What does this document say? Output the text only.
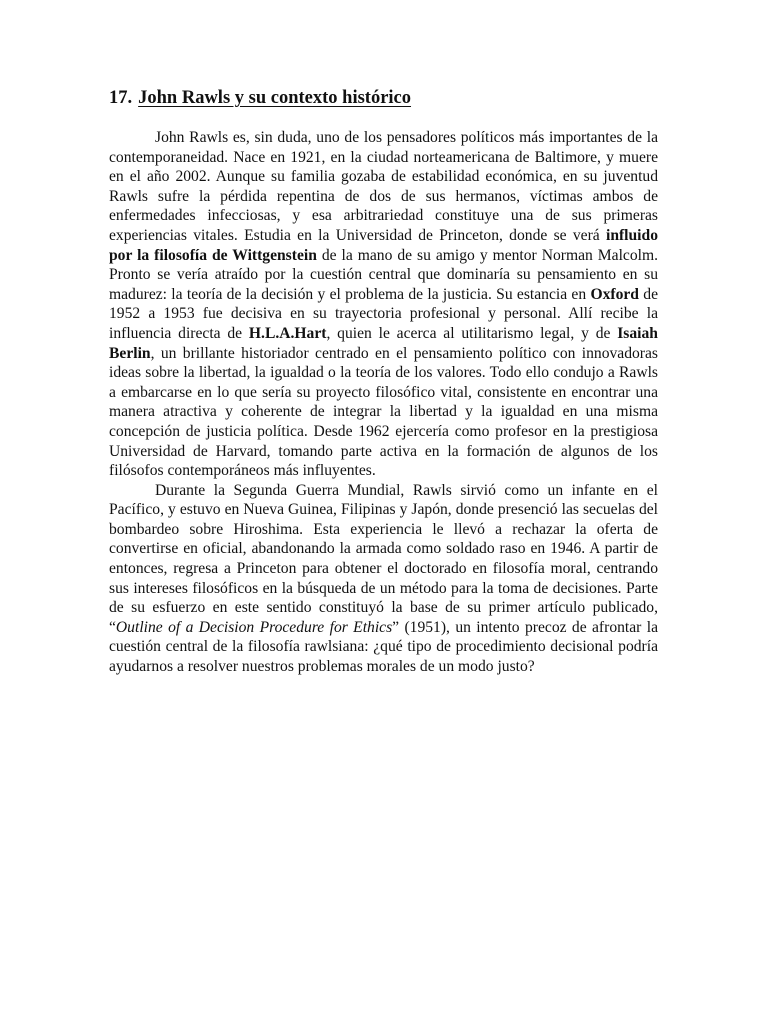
17. John Rawls y su contexto histórico

John Rawls es, sin duda, uno de los pensadores políticos más importantes de la contemporaneidad. Nace en 1921, en la ciudad norteamericana de Baltimore, y muere en el año 2002. Aunque su familia gozaba de estabilidad económica, en su juventud Rawls sufre la pérdida repentina de dos de sus hermanos, víctimas ambos de enfermedades infecciosas, y esa arbitrariedad constituye una de sus primeras experiencias vitales. Estudia en la Universidad de Princeton, donde se verá influido por la filosofía de Wittgenstein de la mano de su amigo y mentor Norman Malcolm. Pronto se vería atraído por la cuestión central que dominaría su pensamiento en su madurez: la teoría de la decisión y el problema de la justicia. Su estancia en Oxford de 1952 a 1953 fue decisiva en su trayectoria profesional y personal. Allí recibe la influencia directa de H.L.A.Hart, quien le acerca al utilitarismo legal, y de Isaiah Berlin, un brillante historiador centrado en el pensamiento político con innovadoras ideas sobre la libertad, la igualdad o la teoría de los valores. Todo ello condujo a Rawls a embarcarse en lo que sería su proyecto filosófico vital, consistente en encontrar una manera atractiva y coherente de integrar la libertad y la igualdad en una misma concepción de justicia política. Desde 1962 ejercería como profesor en la prestigiosa Universidad de Harvard, tomando parte activa en la formación de algunos de los filósofos contemporáneos más influyentes.

Durante la Segunda Guerra Mundial, Rawls sirvió como un infante en el Pacífico, y estuvo en Nueva Guinea, Filipinas y Japón, donde presenció las secuelas del bombardeo sobre Hiroshima. Esta experiencia le llevó a rechazar la oferta de convertirse en oficial, abandonando la armada como soldado raso en 1946. A partir de entonces, regresa a Princeton para obtener el doctorado en filosofía moral, centrando sus intereses filosóficos en la búsqueda de un método para la toma de decisiones. Parte de su esfuerzo en este sentido constituyó la base de su primer artículo publicado, “Outline of a Decision Procedure for Ethics” (1951), un intento precoz de afrontar la cuestión central de la filosofía rawlsiana: ¿qué tipo de procedimiento decisional podría ayudarnos a resolver nuestros problemas morales de un modo justo?
